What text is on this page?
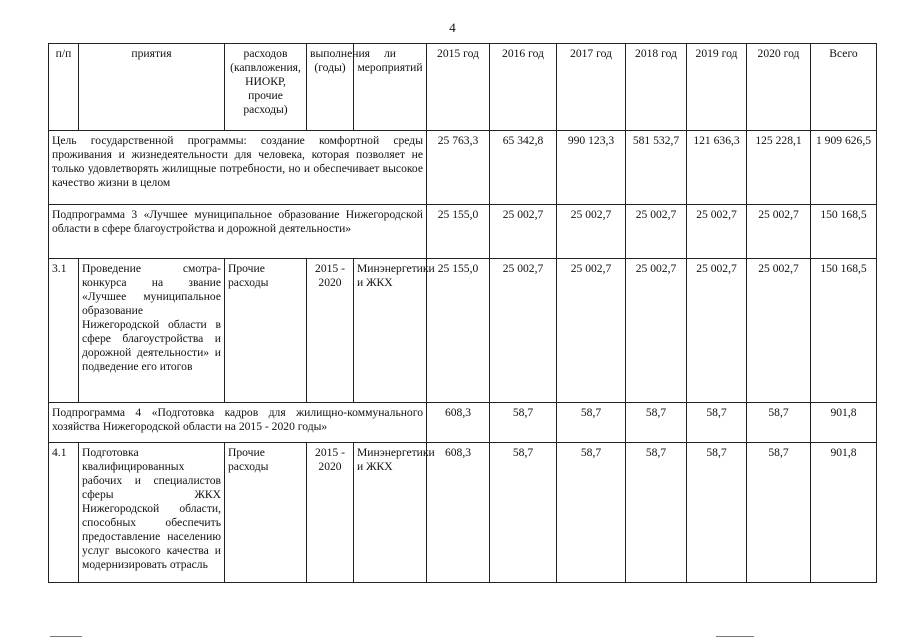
4
п/п	приятия	расходов (капвложения, НИОКР, прочие расходы)	выполнения (годы)	ли мероприятий	2015 год	2016 год	2017 год	2018 год	2019 год	2020 год	Всего
Цель государственной программы: создание комфортной среды проживания и жизнедеятельности для человека, которая позволяет не только удовлетворять жилищные потребности, но и обеспечивает высокое качество жизни в целом					25 763,3	65 342,8	990 123,3	581 532,7	121 636,3	125 228,1	1 909 626,5
Подпрограмма 3 «Лучшее муниципальное образование Нижегородской области в сфере благоустройства и дорожной деятельности»					25 155,0	25 002,7	25 002,7	25 002,7	25 002,7	25 002,7	150 168,5
3.1	Проведение смотра-конкурса на звание «Лучшее муниципальное образование Нижегородской области в сфере благоустройства и дорожной деятельности» и подведение его итогов	Прочие расходы	2015 - 2020	Минэнергетики и ЖКХ	25 155,0	25 002,7	25 002,7	25 002,7	25 002,7	25 002,7	150 168,5
Подпрограмма 4 «Подготовка кадров для жилищно-коммунального хозяйства Нижегородской области на 2015 - 2020 годы»					608,3	58,7	58,7	58,7	58,7	58,7	901,8
4.1	Подготовка квалифицированных рабочих и специалистов сферы ЖКХ Нижегородской области, способных обеспечить предоставление населению услуг высокого качества и модернизировать отрасль	Прочие расходы	2015 - 2020	Минэнергетики и ЖКХ	608,3	58,7	58,7	58,7	58,7	58,7	901,8
